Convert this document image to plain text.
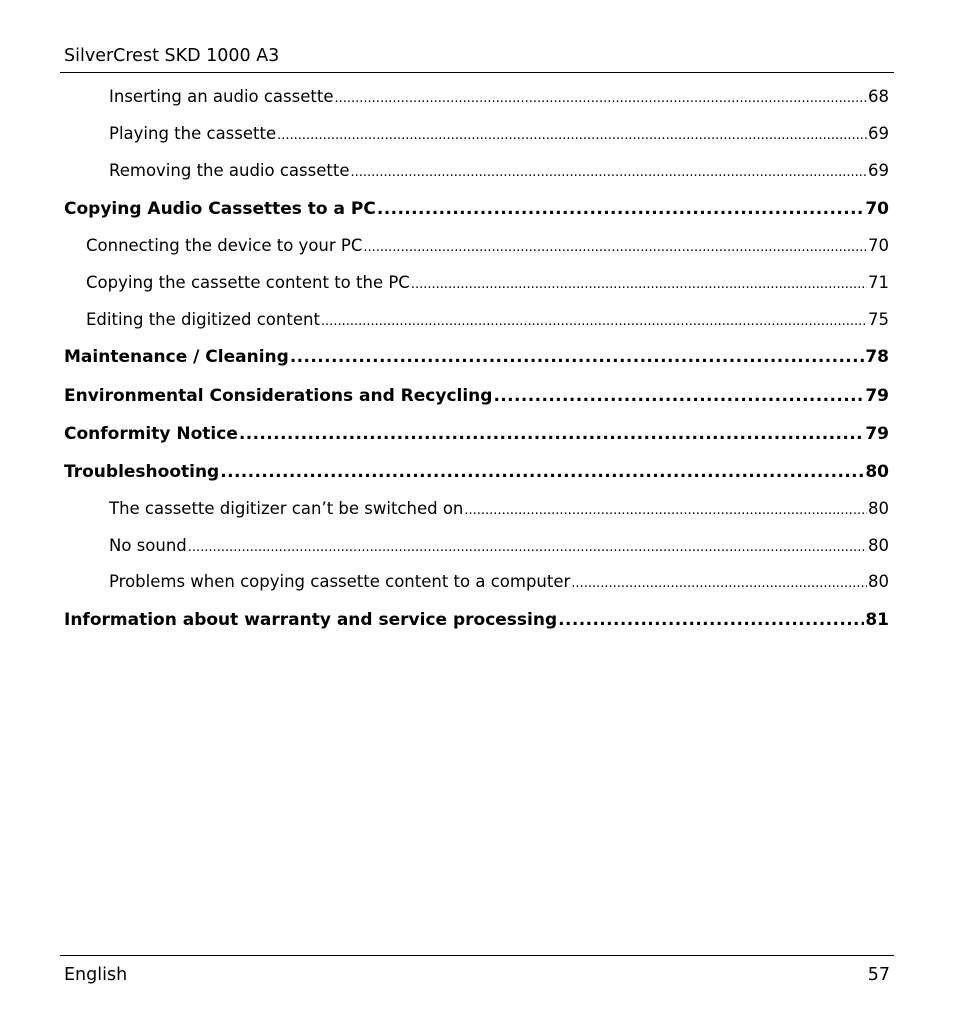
SilverCrest SKD 1000 A3
Inserting an audio cassette .....	68
Playing the cassette .....	69
Removing the audio cassette .....	69
Copying Audio Cassettes to a PC .....	70
Connecting the device to your PC .....	70
Copying the cassette content to the PC .....	71
Editing the digitized content .....	75
Maintenance / Cleaning .....	78
Environmental Considerations and Recycling .....	79
Conformity Notice .....	79
Troubleshooting .....	80
The cassette digitizer can’t be switched on .....	80
No sound .....	80
Problems when copying cassette content to a computer .....	80
Information about warranty and service processing .....	81
English	57
